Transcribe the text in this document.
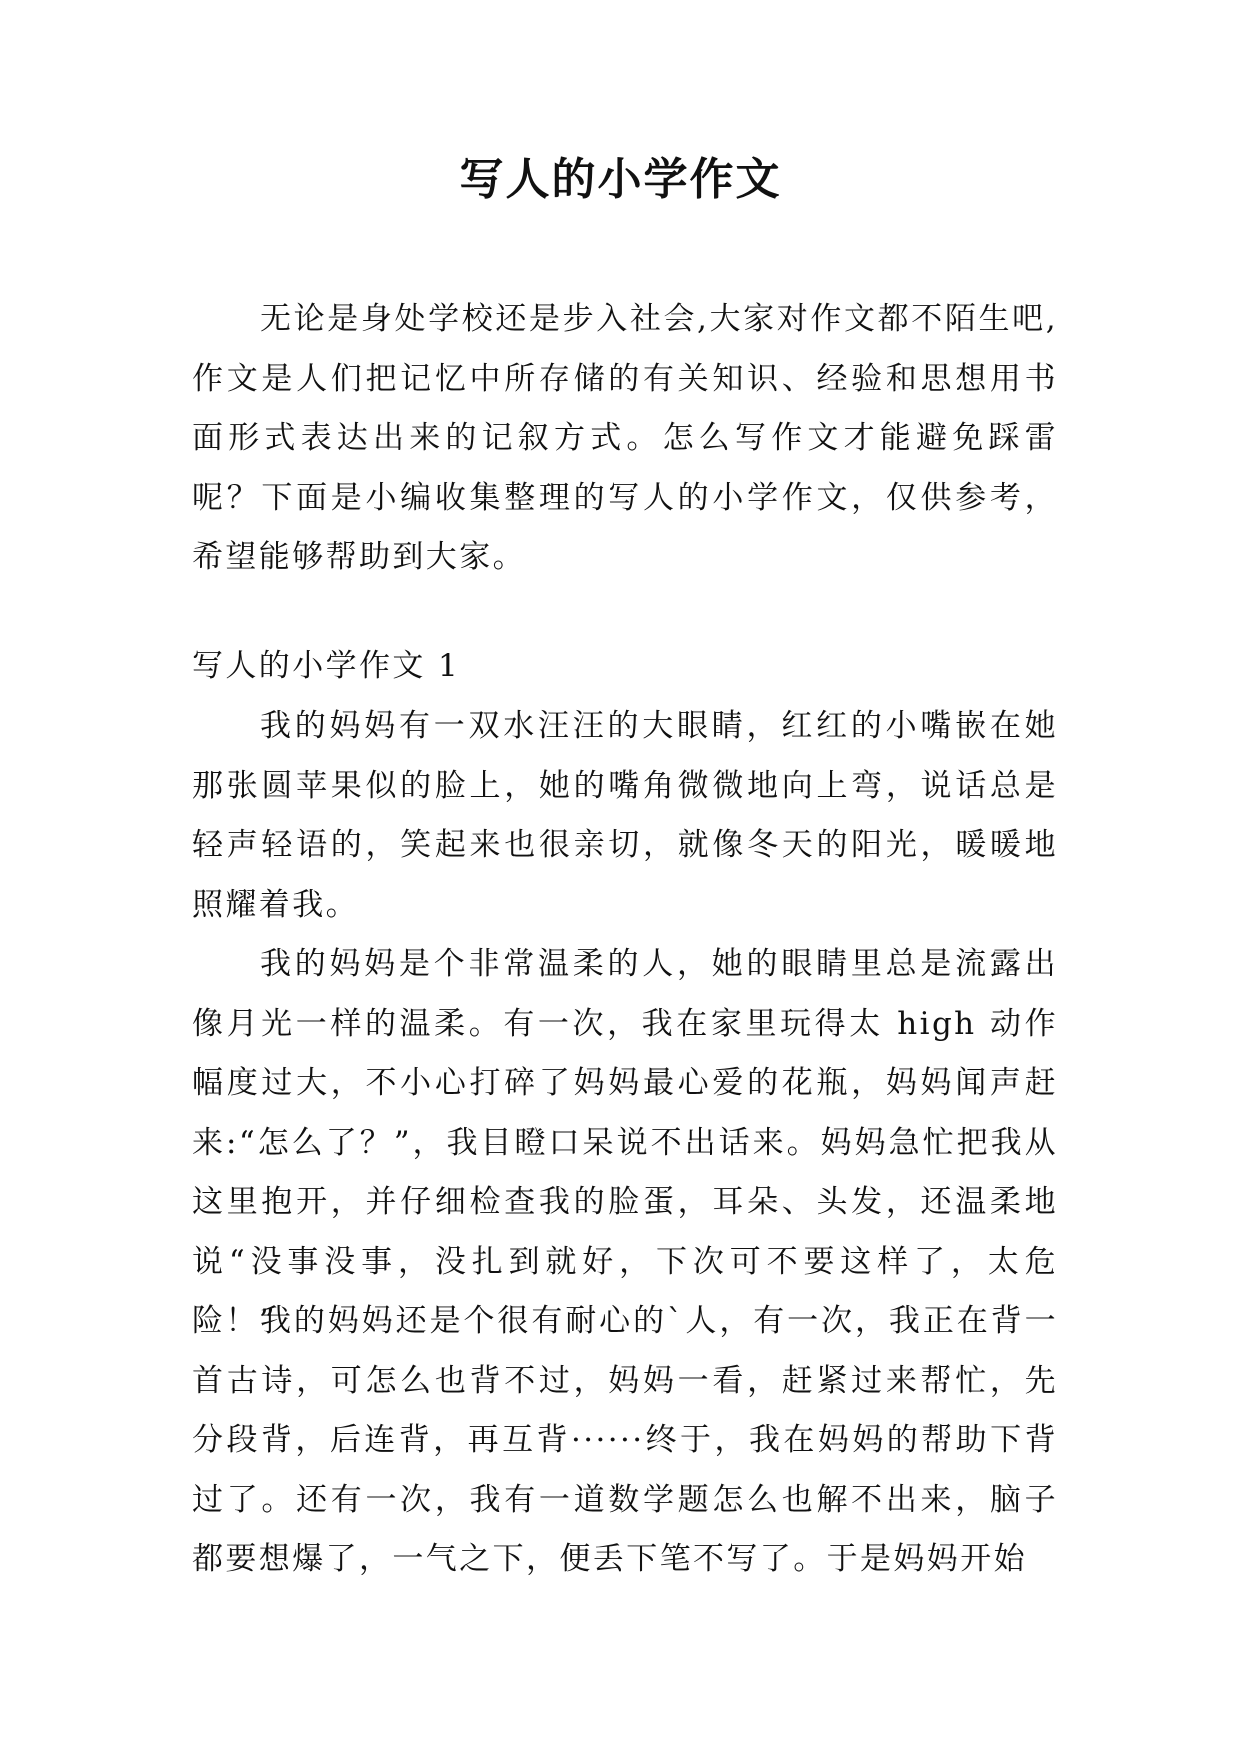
写人的小学作文

无论是身处学校还是步入社会,大家对作文都不陌生吧,作文是人们把记忆中所存储的有关知识、经验和思想用书面形式表达出来的记叙方式。怎么写作文才能避免踩雷呢？下面是小编收集整理的写人的小学作文，仅供参考，希望能够帮助到大家。

写人的小学作文 1

我的妈妈有一双水汪汪的大眼睛，红红的小嘴嵌在她那张圆苹果似的脸上，她的嘴角微微地向上弯，说话总是轻声轻语的，笑起来也很亲切，就像冬天的阳光，暖暖地照耀着我。

我的妈妈是个非常温柔的人，她的眼睛里总是流露出像月光一样的温柔。有一次，我在家里玩得太 high 动作幅度过大，不小心打碎了妈妈最心爱的花瓶，妈妈闻声赶来:“怎么了？”，我目瞪口呆说不出话来。妈妈急忙把我从这里抱开，并仔细检查我的脸蛋，耳朵、头发，还温柔地说“没事没事，没扎到就好，下次可不要这样了，太危险！”

我的妈妈还是个很有耐心的`人，有一次，我正在背一首古诗，可怎么也背不过，妈妈一看，赶紧过来帮忙，先分段背，后连背，再互背······终于，我在妈妈的帮助下背过了。还有一次，我有一道数学题怎么也解不出来，脑子都要想爆了，一气之下，便丢下笔不写了。于是妈妈开始
